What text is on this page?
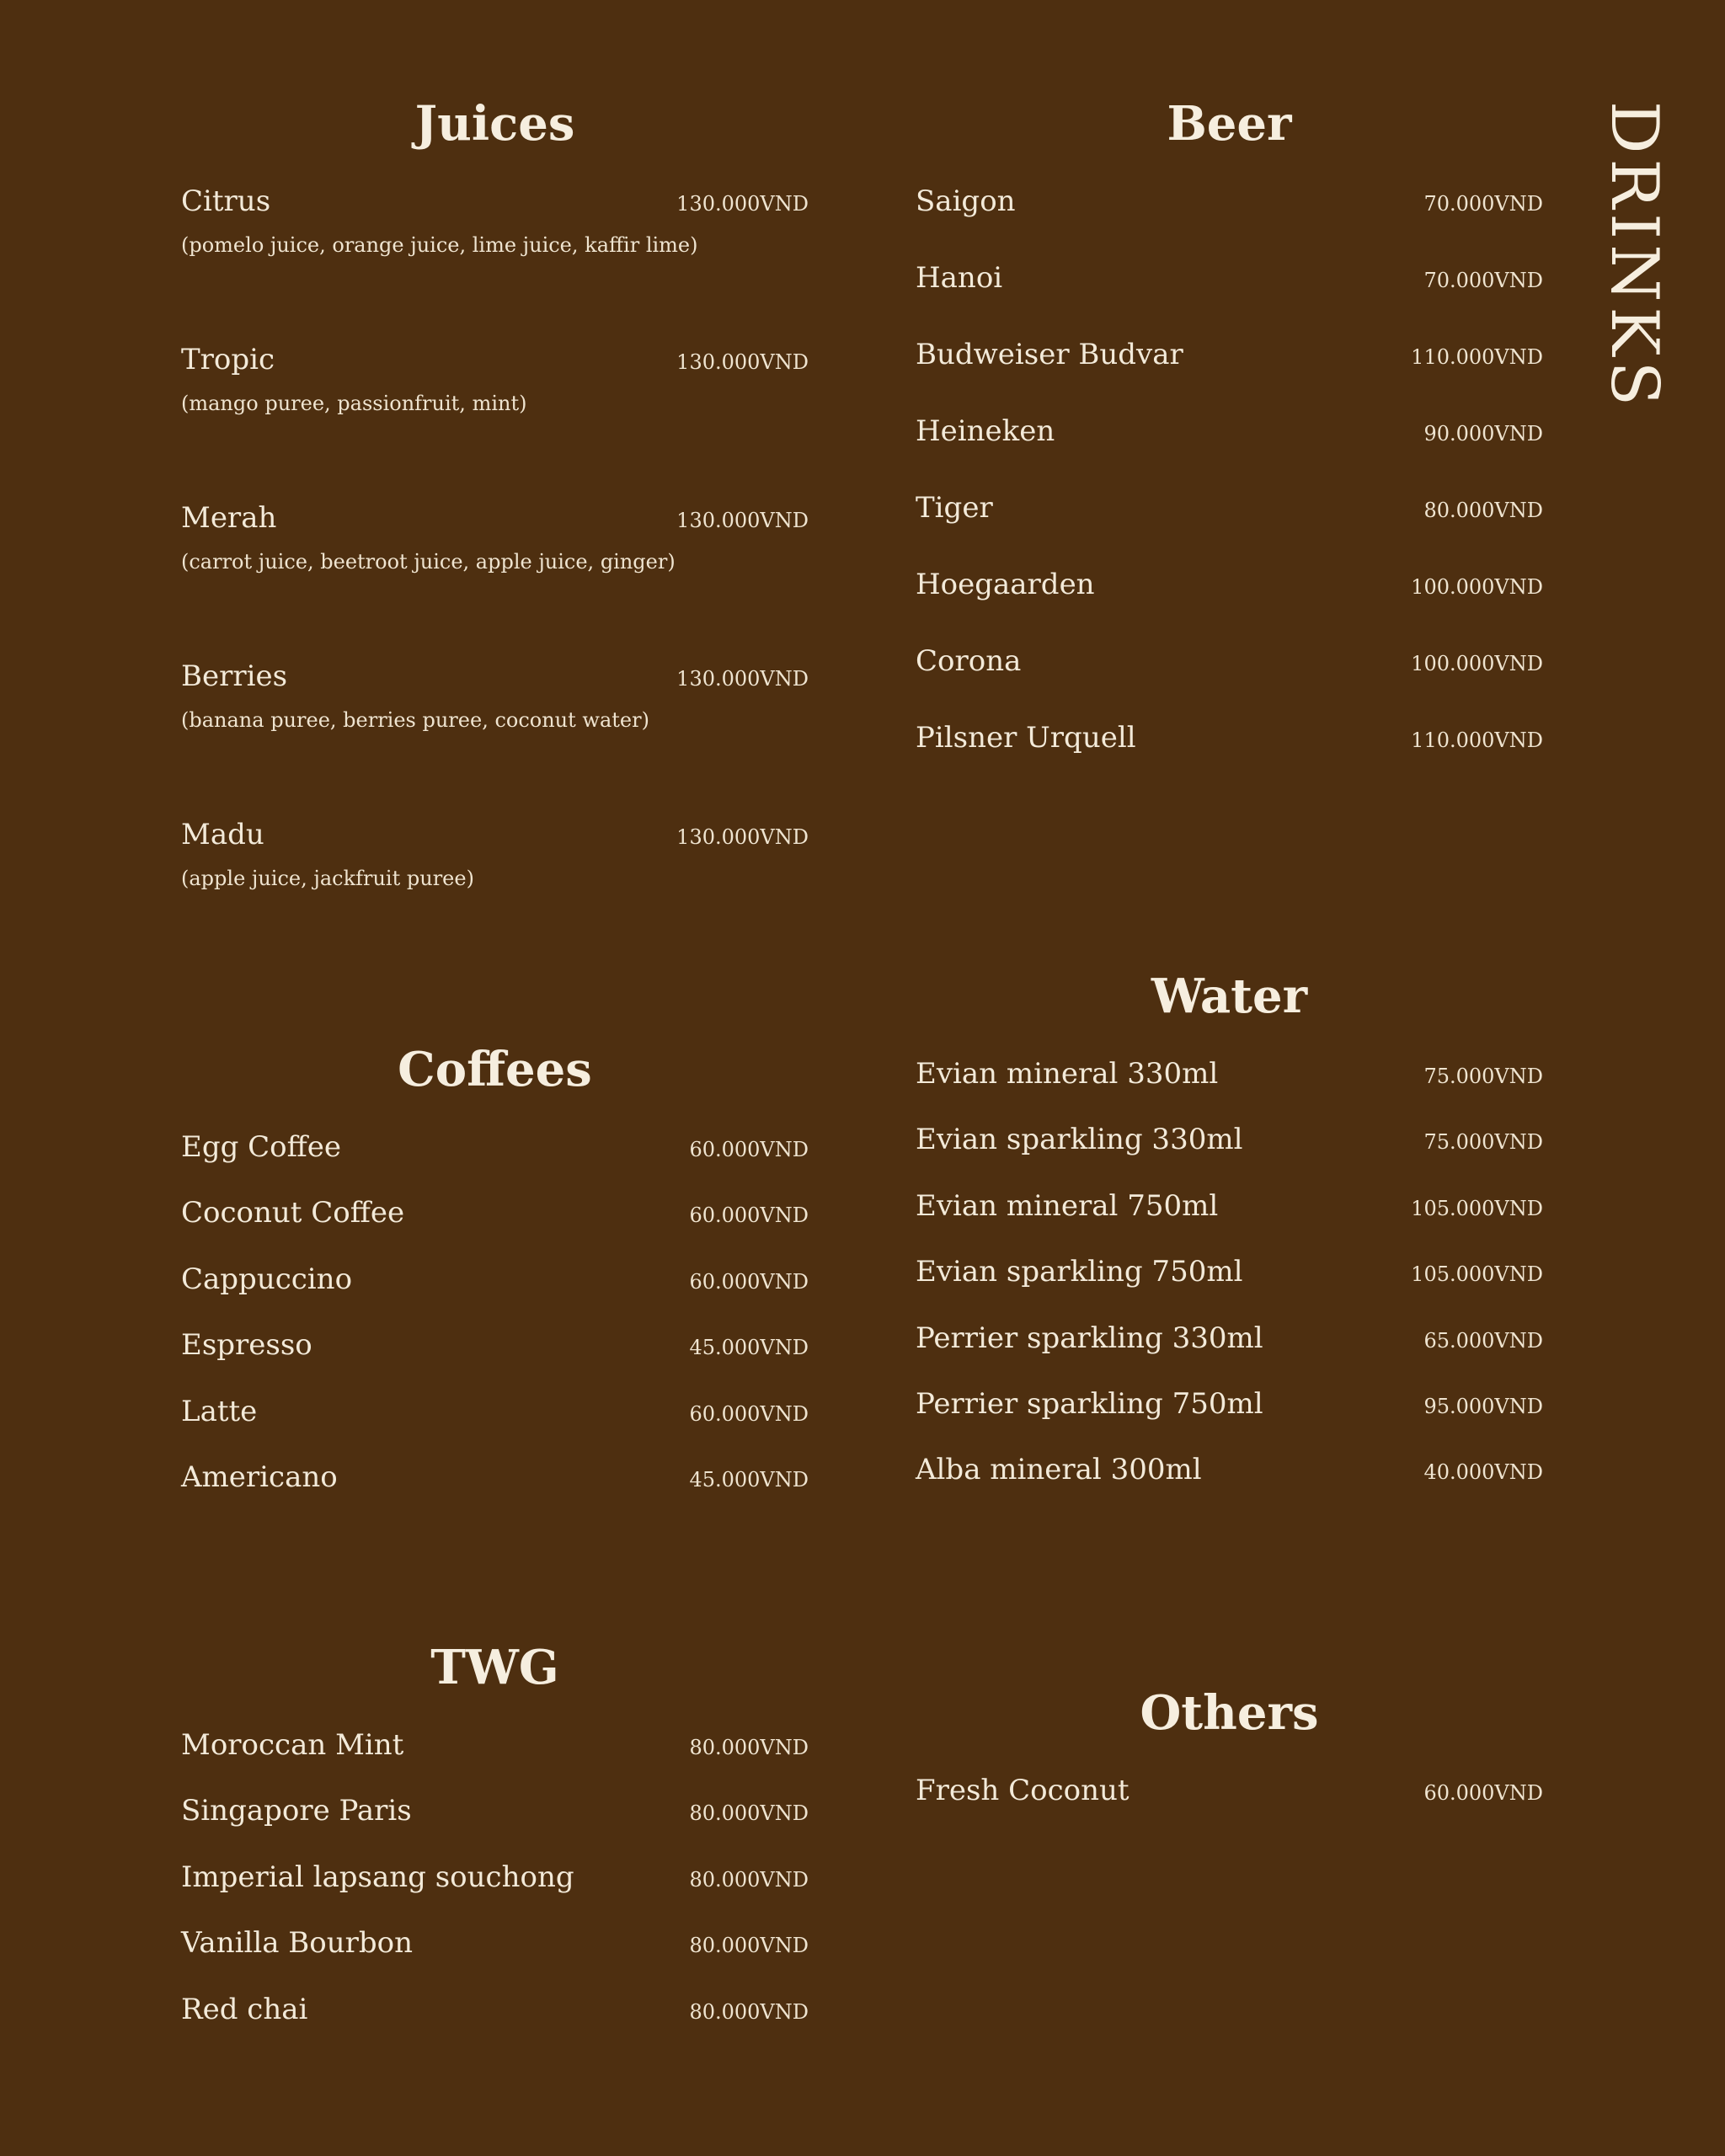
DRINKS
Juices
Citrus	130.000VND
(pomelo juice, orange juice, lime juice, kaffir lime)
Tropic	130.000VND
(mango puree, passionfruit, mint)
Merah	130.000VND
(carrot juice, beetroot juice, apple juice, ginger)
Berries	130.000VND
(banana puree, berries puree, coconut water)
Madu	130.000VND
(apple juice, jackfruit puree)
Beer
Saigon	70.000VND
Hanoi	70.000VND
Budweiser Budvar	110.000VND
Heineken	90.000VND
Tiger	80.000VND
Hoegaarden	100.000VND
Corona	100.000VND
Pilsner Urquell	110.000VND
Coffees
Egg Coffee	60.000VND
Coconut Coffee	60.000VND
Cappuccino	60.000VND
Espresso	45.000VND
Latte	60.000VND
Americano	45.000VND
Water
Evian mineral 330ml	75.000VND
Evian sparkling 330ml	75.000VND
Evian mineral 750ml	105.000VND
Evian sparkling 750ml	105.000VND
Perrier sparkling 330ml	65.000VND
Perrier sparkling 750ml	95.000VND
Alba mineral 300ml	40.000VND
TWG
Moroccan Mint	80.000VND
Singapore Paris	80.000VND
Imperial lapsang souchong	80.000VND
Vanilla Bourbon	80.000VND
Red chai	80.000VND
Others
Fresh Coconut	60.000VND
